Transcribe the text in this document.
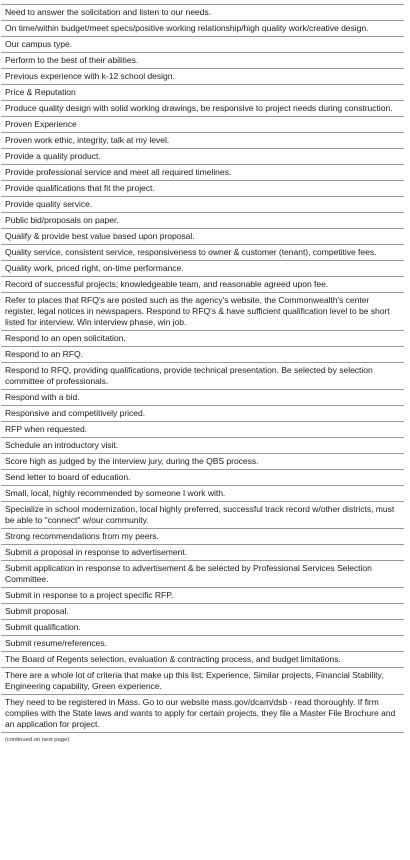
Need to answer the solicitation and listen to our needs.
On time/within budget/meet specs/positive working relationship/high quality work/creative design.
Our campus type.
Perform to the best of their abilities.
Previous experience with k-12 school design.
Price & Reputation
Produce quality design with solid working drawings, be responsive to project needs during construction.
Proven Experience
Proven work ethic, integrity, talk at my level.
Provide a quality product.
Provide professional service and meet all required timelines.
Provide qualifications that fit the project.
Provide quality service.
Public bid/proposals on paper.
Qualify & provide best value based upon proposal.
Quality service, consistent service, responsiveness to owner & customer (tenant), competitive fees.
Quality work, priced right, on-time performance.
Record of successful projects; knowledgeable team, and reasonable agreed upon fee.
Refer to places that RFQ's are posted such as the agency's website, the Commonwealth's center register, legal notices in newspapers. Respond to RFQ's & have sufficient qualification level to be short listed for interview. Win interview phase, win job.
Respond to an open solicitation.
Respond to an RFQ.
Respond to RFQ, providing qualifications, provide technical presentation. Be selected by selection committee of professionals.
Respond with a bid.
Responsive and competitively priced.
RFP when requested.
Schedule an introductory visit.
Score high as judged by the interview jury, during the QBS process.
Send letter to board of education.
Small, local, highly recommended by someone I work with.
Specialize in school modernization, local highly preferred, successful track record w/other districts, must be able to "connect" w/our community.
Strong recommendations from my peers.
Submit a proposal in response to advertisement.
Submit application in response to advertisement & be selected by Professional Services Selection Committee.
Submit in response to a project specific RFP.
Submit proposal.
Submit qualification.
Submit resume/references.
The Board of Regents selection, evaluation & contracting process, and budget limitations.
There are a whole lot of criteria that make up this list: Experience, Similar projects, Financial Stability, Engineering capability, Green experience.
They need to be registered in Mass. Go to our website mass.gov/dcam/dsb - read thoroughly. If firm complies with the State laws and wants to apply for certain projects, they file a Master File Brochure and an application for project.
(continued on next page)
